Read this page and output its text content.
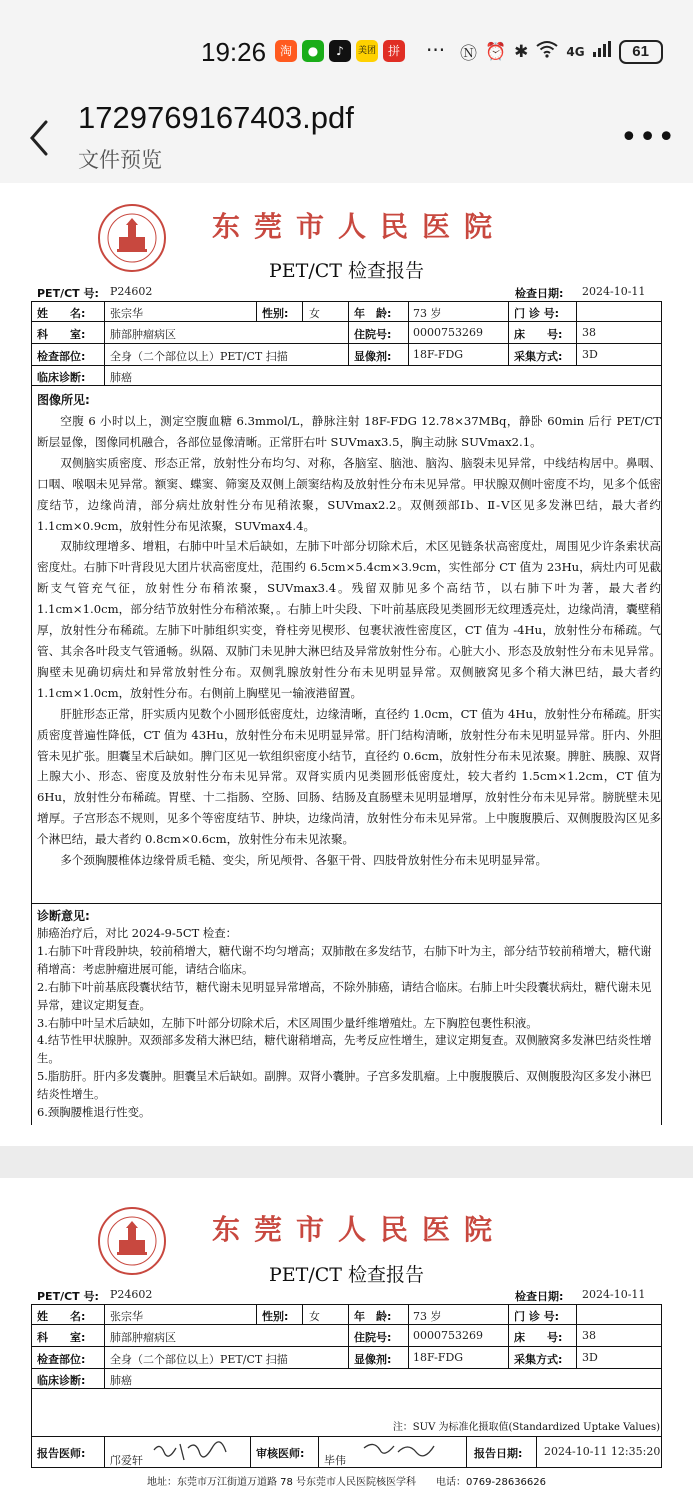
19:26	淘	●	♪	美团 拼 ··· Ⓝ ⏰ ✱	4G	61
1729769167403.pdf
文件预览
•••
东莞市人民医院
PET/CT 检查报告
PET/CT 号: P24602	检查日期: 2024-10-11
姓　　名: 张宗华	性别: 女	年　龄: 73 岁	门 诊 号:
科　　室: 肺部肿瘤病区	住院号: 0000753269	床　　号: 38
检查部位: 全身（二个部位以上）PET/CT 扫描	显像剂: 18F-FDG	采集方式: 3D
临床诊断: 肺癌
图像所见:

空腹 6 小时以上，测定空腹血糖 6.3mmol/L，静脉注射 18F-FDG 12.78×37MBq，静卧 60min 后行 PET/CT 断层显像，图像同机融合，各部位显像清晰。正常肝右叶 SUVmax3.5，胸主动脉 SUVmax2.1。

双侧脑实质密度、形态正常，放射性分布均匀、对称，各脑室、脑池、脑沟、脑裂未见异常，中线结构居中。鼻咽、口咽、喉咽未见异常。额窦、蝶窦、筛窦及双侧上颌窦结构及放射性分布未见异常。甲状腺双侧叶密度不均，见多个低密度结节，边缘尚清，部分病灶放射性分布见稍浓聚，SUVmax2.2。双侧颈部Ⅰb、Ⅱ-Ⅴ区见多发淋巴结，最大者约 1.1cm×0.9cm，放射性分布见浓聚，SUVmax4.4。

双肺纹理增多、增粗，右肺中叶呈术后缺如，左肺下叶部分切除术后，术区见链条状高密度灶，周围见少许条索状高密度灶。右肺下叶背段见大团片状高密度灶，范围约 6.5cm×5.4cm×3.9cm，实性部分 CT 值为 23Hu，病灶内可见截断支气管充气征，放射性分布稍浓聚，SUVmax3.4。残留双肺见多个高结节，以右肺下叶为著，最大者约 1.1cm×1.0cm，部分结节放射性分布稍浓聚，。右肺上叶尖段、下叶前基底段见类圆形无纹理透亮灶，边缘尚清，囊壁稍厚，放射性分布稀疏。左肺下叶肺组织实变，脊柱旁见楔形、包裹状液性密度区，CT 值为 -4Hu，放射性分布稀疏。气管、其余各叶段支气管通畅。纵隔、双肺门未见肿大淋巴结及异常放射性分布。心脏大小、形态及放射性分布未见异常。胸壁未见确切病灶和异常放射性分布。双侧乳腺放射性分布未见明显异常。双侧腋窝见多个稍大淋巴结，最大者约 1.1cm×1.0cm，放射性分布。右侧前上胸壁见一输液港留置。

肝脏形态正常，肝实质内见数个小圆形低密度灶，边缘清晰，直径约 1.0cm，CT 值为 4Hu，放射性分布稀疏。肝实质密度普遍性降低，CT 值为 43Hu，放射性分布未见明显异常。肝门结构清晰，放射性分布未见明显异常。肝内、外胆管未见扩张。胆囊呈术后缺如。脾门区见一软组织密度小结节，直径约 0.6cm，放射性分布未见浓聚。脾脏、胰腺、双肾上腺大小、形态、密度及放射性分布未见异常。双肾实质内见类圆形低密度灶，较大者约 1.5cm×1.2cm，CT 值为 6Hu，放射性分布稀疏。胃壁、十二指肠、空肠、回肠、结肠及直肠壁未见明显增厚，放射性分布未见异常。膀胱壁未见增厚。子宫形态不规则，见多个等密度结节、肿块，边缘尚清，放射性分布未见异常。上中腹腹膜后、双侧腹股沟区见多个淋巴结，最大者约 0.8cm×0.6cm，放射性分布未见浓聚。

多个颈胸腰椎体边缘骨质毛糙、变尖，所见颅骨、各躯干骨、四肢骨放射性分布未见明显异常。

诊断意见:

肺癌治疗后，对比 2024-9-5CT 检查：

1.右肺下叶背段肿块，较前稍增大，糖代谢不均匀增高；双肺散在多发结节，右肺下叶为主，部分结节较前稍增大，糖代谢稍增高：考虑肿瘤进展可能，请结合临床。

2.右肺下叶前基底段囊状结节，糖代谢未见明显异常增高，不除外肺癌，请结合临床。右肺上叶尖段囊状病灶，糖代谢未见异常，建议定期复查。

3.右肺中叶呈术后缺如，左肺下叶部分切除术后，术区周围少量纤维增殖灶。左下胸腔包裹性积液。

4.结节性甲状腺肿。双颈部多发稍大淋巴结，糖代谢稍增高，先考反应性增生，建议定期复查。双侧腋窝多发淋巴结炎性增生。

5.脂肪肝。肝内多发囊肿。胆囊呈术后缺如。副脾。双肾小囊肿。子宫多发肌瘤。上中腹腹膜后、双侧腹股沟区多发小淋巴结炎性增生。

6.颈胸腰椎退行性变。

东莞市人民医院
PET/CT 检查报告
PET/CT 号: P24602	检查日期: 2024-10-11
姓　　名: 张宗华	性别: 女	年　龄: 73 岁	门 诊 号:
科　　室: 肺部肿瘤病区	住院号: 0000753269	床　　号: 38
检查部位: 全身（二个部位以上）PET/CT 扫描	显像剂: 18F-FDG	采集方式: 3D
临床诊断: 肺癌
注：SUV 为标准化摄取值(Standardized Uptake Values)
报告医师:
邝爱轩
审核医师:
毕伟
报告日期: 2024-10-11 12:35:20
地址：东莞市万江街道万道路 78 号东莞市人民医院核医学科　　电话：0769-28636626
